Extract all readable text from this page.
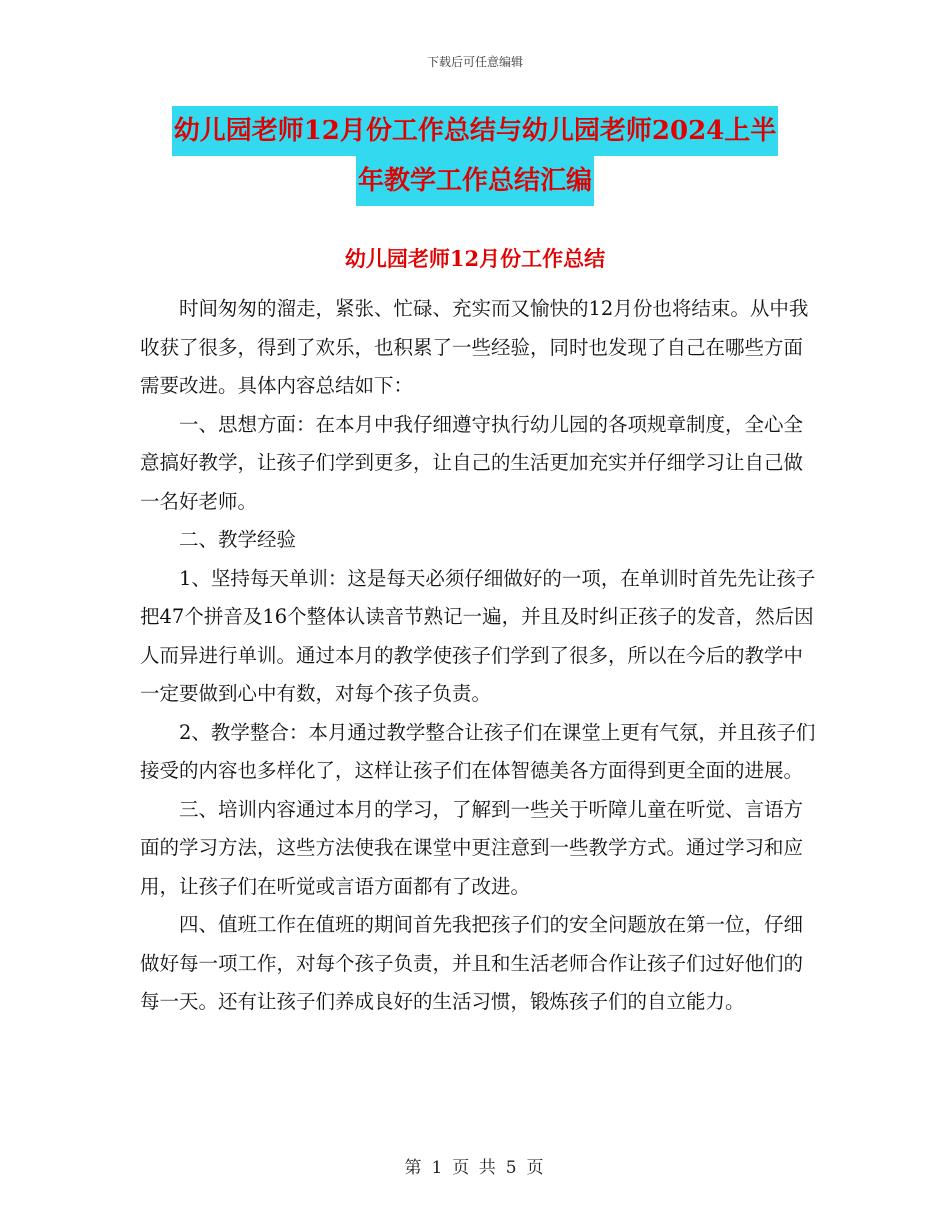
下载后可任意编辑
幼儿园老师12月份工作总结与幼儿园老师2024上半
年教学工作总结汇编
幼儿园老师12月份工作总结

时间匆匆的溜走，紧张、忙碌、充实而又愉快的12月份也将结束。从中我收获了很多，得到了欢乐，也积累了一些经验，同时也发现了自己在哪些方面需要改进。具体内容总结如下：

一、思想方面：在本月中我仔细遵守执行幼儿园的各项规章制度，全心全意搞好教学，让孩子们学到更多，让自己的生活更加充实并仔细学习让自己做一名好老师。

二、教学经验

1、坚持每天单训：这是每天必须仔细做好的一项，在单训时首先先让孩子把47个拼音及16个整体认读音节熟记一遍，并且及时纠正孩子的发音，然后因人而异进行单训。通过本月的教学使孩子们学到了很多，所以在今后的教学中一定要做到心中有数，对每个孩子负责。

2、教学整合：本月通过教学整合让孩子们在课堂上更有气氛，并且孩子们接受的内容也多样化了，这样让孩子们在体智德美各方面得到更全面的进展。

三、培训内容通过本月的学习，了解到一些关于听障儿童在听觉、言语方面的学习方法，这些方法使我在课堂中更注意到一些教学方式。通过学习和应用，让孩子们在听觉或言语方面都有了改进。

四、值班工作在值班的期间首先我把孩子们的安全问题放在第一位，仔细做好每一项工作，对每个孩子负责，并且和生活老师合作让孩子们过好他们的每一天。还有让孩子们养成良好的生活习惯，锻炼孩子们的自立能力。

第 1 页 共 5 页
